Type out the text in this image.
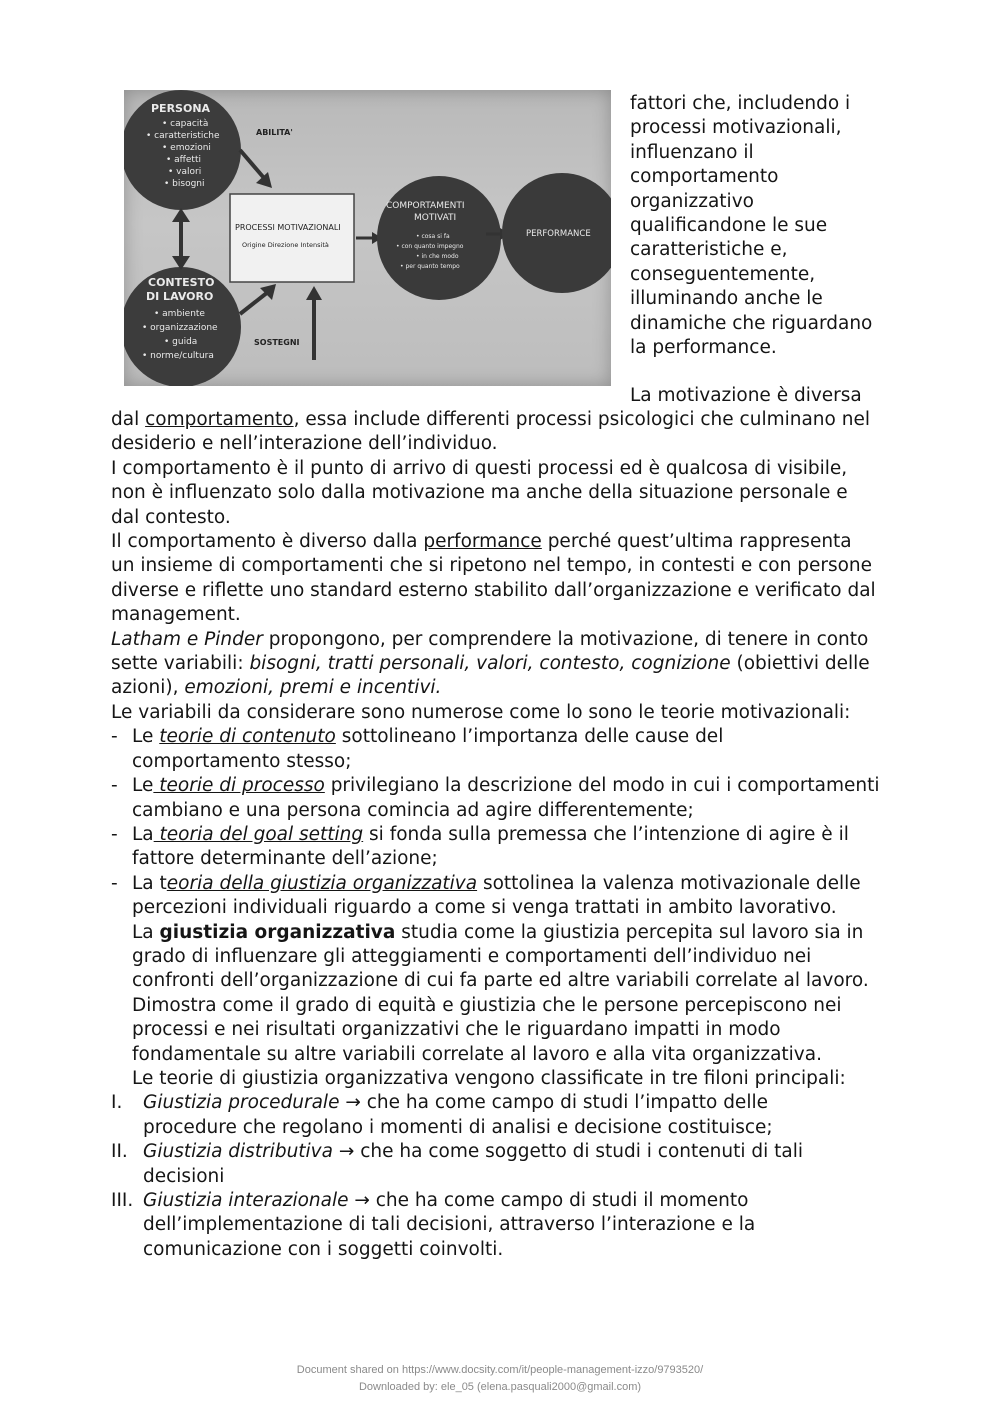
PERSONA
• capacità
• caratteristiche
• emozioni
• affetti
• valori
• bisogni
CONTESTO
DI LAVORO
• ambiente
• organizzazione
• guida
• norme/cultura
ABILITA'
PROCESSI MOTIVAZIONALI
Origine Direzione Intensità
SOSTEGNI
COMPORTAMENTI
MOTIVATI
• cosa si fa
• con quanto impegno
• in che modo
• per quanto tempo
PERFORMANCE
fattori che, includendo i
processi motivazionali,
influenzano il
comportamento
organizzativo
qualificandone le sue
caratteristiche e,
conseguentemente,
illuminando anche le
dinamiche che riguardano
la performance.
La motivazione è diversa
dal comportamento, essa include differenti processi psicologici che culminano nel
desiderio e nell’interazione dell’individuo.
I comportamento è il punto di arrivo di questi processi ed è qualcosa di visibile,
non è influenzato solo dalla motivazione ma anche della situazione personale e
dal contesto.
Il comportamento è diverso dalla performance perché quest’ultima rappresenta
un insieme di comportamenti che si ripetono nel tempo, in contesti e con persone
diverse e riflette uno standard esterno stabilito dall’organizzazione e verificato dal
management.
Latham e Pinder propongono, per comprendere la motivazione, di tenere in conto
sette variabili: bisogni, tratti personali, valori, contesto, cognizione (obiettivi delle
azioni), emozioni, premi e incentivi.
Le variabili da considerare sono numerose come lo sono le teorie motivazionali:
- Le teorie di contenuto sottolineano l’importanza delle cause del
comportamento stesso;
- Le teorie di processo privilegiano la descrizione del modo in cui i comportamenti
cambiano e una persona comincia ad agire differentemente;
- La teoria del goal setting si fonda sulla premessa che l’intenzione di agire è il
fattore determinante dell’azione;
- La teoria della giustizia organizzativa sottolinea la valenza motivazionale delle
percezioni individuali riguardo a come si venga trattati in ambito lavorativo.
La giustizia organizzativa studia come la giustizia percepita sul lavoro sia in
grado di influenzare gli atteggiamenti e comportamenti dell’individuo nei
confronti dell’organizzazione di cui fa parte ed altre variabili correlate al lavoro.
Dimostra come il grado di equità e giustizia che le persone percepiscono nei
processi e nei risultati organizzativi che le riguardano impatti in modo
fondamentale su altre variabili correlate al lavoro e alla vita organizzativa.
Le teorie di giustizia organizzativa vengono classificate in tre filoni principali:
I. Giustizia procedurale → che ha come campo di studi l’impatto delle
procedure che regolano i momenti di analisi e decisione costituisce;
II. Giustizia distributiva → che ha come soggetto di studi i contenuti di tali
decisioni
III. Giustizia interazionale → che ha come campo di studi il momento
dell’implementazione di tali decisioni, attraverso l’interazione e la
comunicazione con i soggetti coinvolti.
Document shared on https://www.docsity.com/it/people-management-izzo/9793520/
Downloaded by: ele_05 (elena.pasquali2000@gmail.com)
